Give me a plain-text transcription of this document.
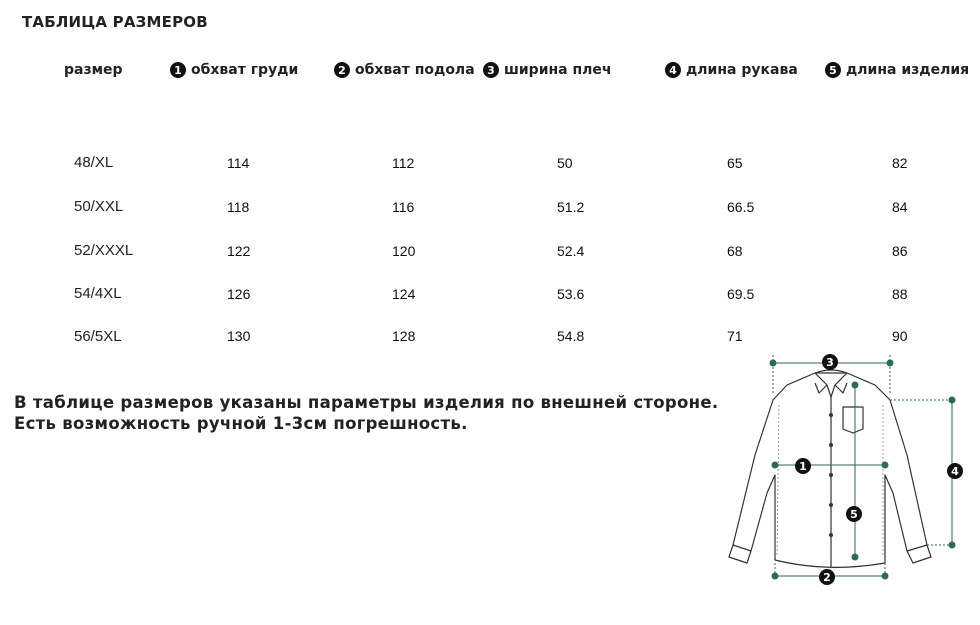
ТАБЛИЦА РАЗМЕРОВ
размер	1 обхват груди	2 обхват подола	3 ширина плеч	4 длина рукава	5 длина изделия
48/XL	114	112	50	65	82
50/XXL	118	116	51.2	66.5	84
52/XXXL	122	120	52.4	68	86
54/4XL	126	124	53.6	69.5	88
56/5XL	130	128	54.8	71	90
В таблице размеров указаны параметры изделия по внешней стороне.
Есть возможность ручной 1-3см погрешность.
3
1
5
4
2
